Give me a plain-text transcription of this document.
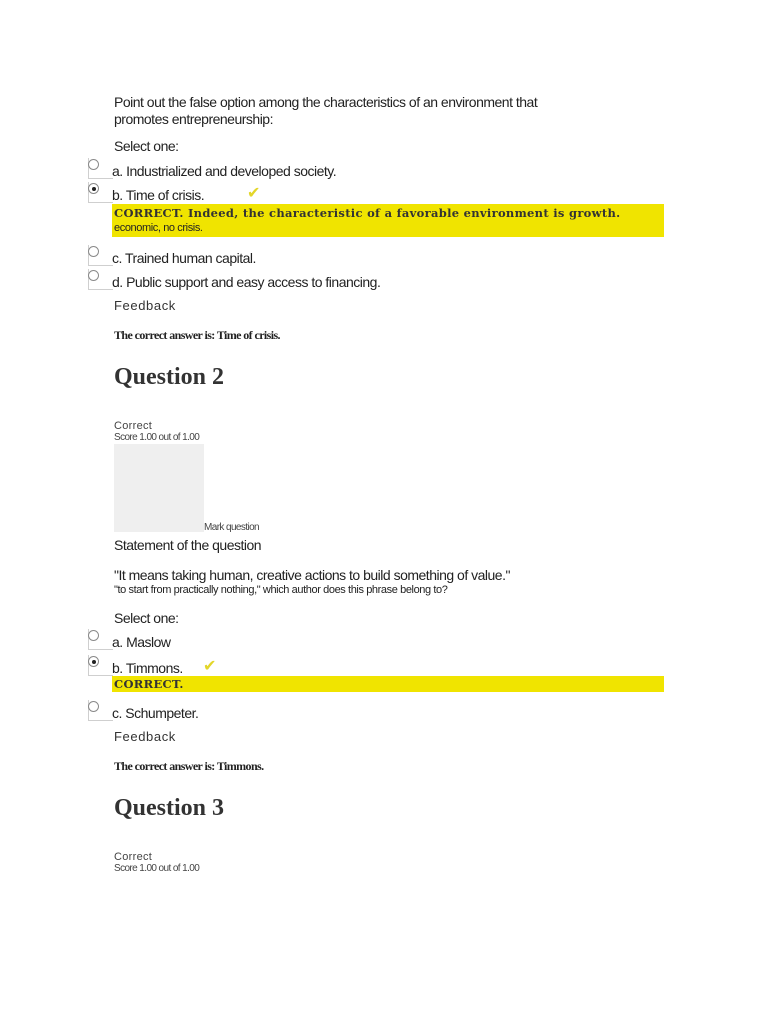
Point out the false option among the characteristics of an environment that
promotes entrepreneurship:
Select one:
a. Industrialized and developed society.
b. Time of crisis.	✔
CORRECT. Indeed, the characteristic of a favorable environment is growth.
economic, no crisis.
c. Trained human capital.
d. Public support and easy access to financing.
Feedback
The correct answer is: Time of crisis.
Question 2
Correct
Score 1.00 out of 1.00
Mark question
Statement of the question
"It means taking human, creative actions to build something of value."
"to start from practically nothing," which author does this phrase belong to?
Select one:
a. Maslow
b. Timmons. ✔
CORRECT.
c. Schumpeter.
Feedback
The correct answer is: Timmons.
Question 3
Correct
Score 1.00 out of 1.00
